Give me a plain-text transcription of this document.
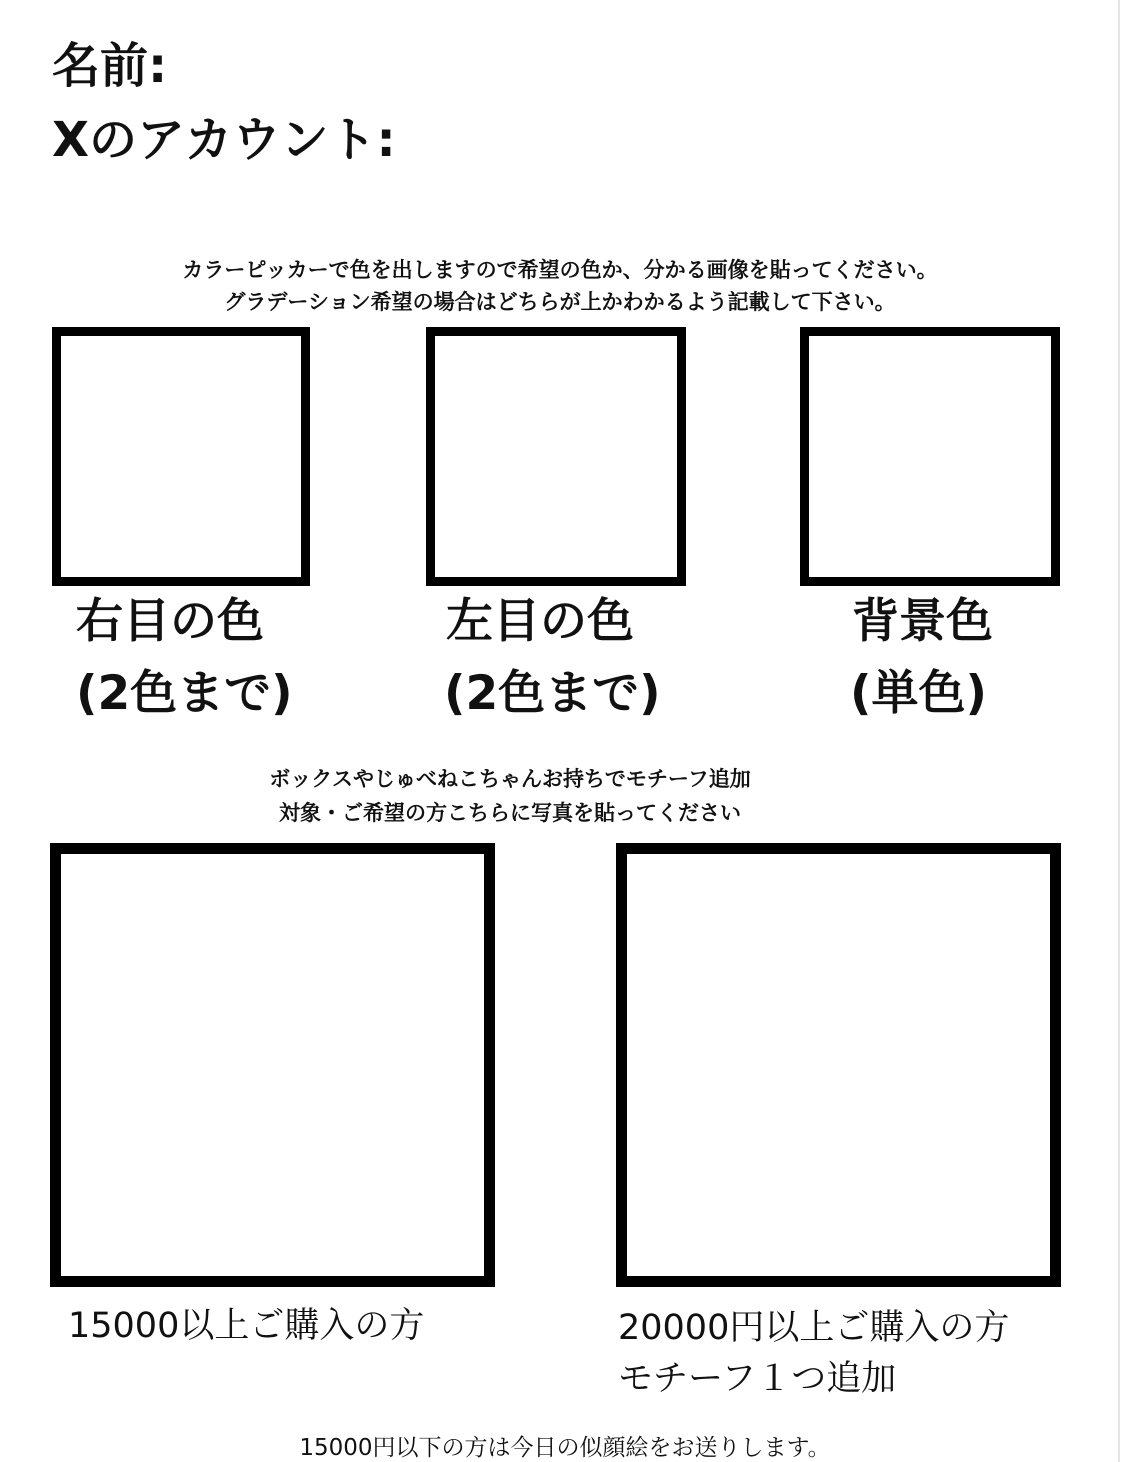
名前:
Xのアカウント:
カラーピッカーで色を出しますので希望の色か、分かる画像を貼ってください。
グラデーション希望の場合はどちらが上かわかるよう記載して下さい。
右目の色
(2色まで)
左目の色
(2色まで)
背景色
(単色)
ボックスやじゅべねこちゃんお持ちでモチーフ追加
対象・ご希望の方こちらに写真を貼ってください
15000以上ご購入の方	20000円以上ご購入の方
モチーフ１つ追加
15000円以下の方は今日の似顔絵をお送りします。
